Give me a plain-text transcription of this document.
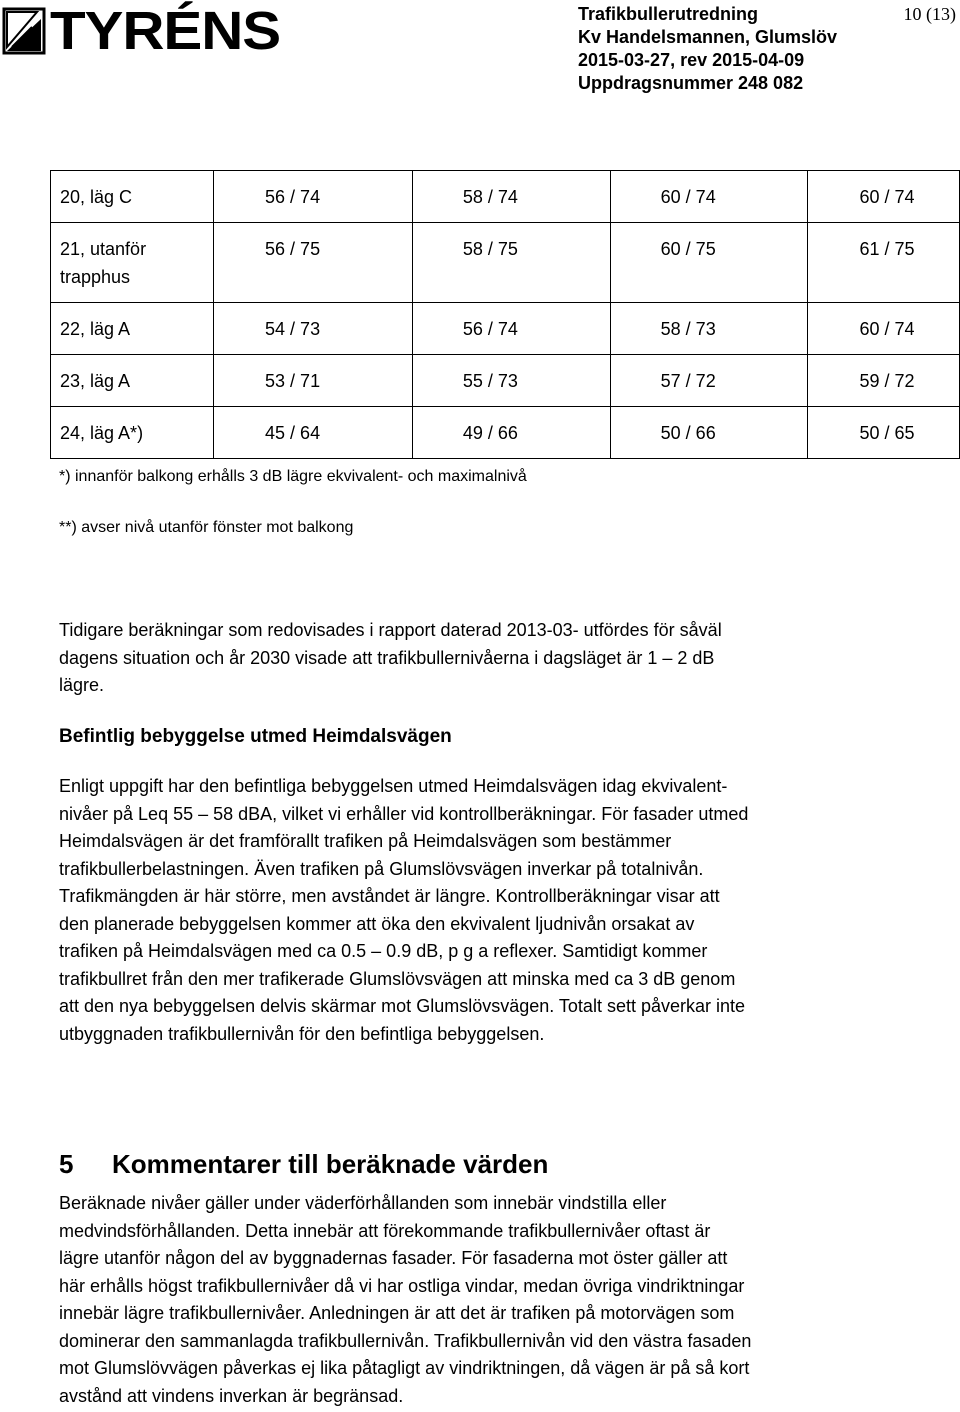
TYRÉNS	Trafikbullerutredning
Kv Handelsmannen, Glumslöv
2015-03-27, rev 2015-04-09
Uppdragsnummer 248 082
10 (13)
20, läg C	56 / 74	58 / 74	60 / 74	60 / 74

21, utanför trapphus	56 / 75	58 / 75	60 / 75	61 / 75
22, läg A	54 / 73	56 / 74	58 / 73	60 / 74
23, läg A	53 / 71	55 / 73	57 / 72	59 / 72
24, läg A*)	45 / 64	49 / 66	50 / 66	50 / 65
*) innanför balkong erhålls 3 dB lägre ekvivalent- och maximalnivå
**) avser nivå utanför fönster mot balkong
Tidigare beräkningar som redovisades i rapport daterad 2013-03- utfördes för såväl
dagens situation och år 2030 visade att trafikbullernivåerna i dagsläget är 1 – 2 dB
lägre.
Befintlig bebyggelse utmed Heimdalsvägen
Enligt uppgift har den befintliga bebyggelsen utmed Heimdalsvägen idag ekvivalent-
nivåer på Leq 55 – 58 dBA, vilket vi erhåller vid kontrollberäkningar. För fasader utmed
Heimdalsvägen är det framförallt trafiken på Heimdalsvägen som bestämmer
trafikbullerbelastningen. Även trafiken på Glumslövsvägen inverkar på totalnivån.
Trafikmängden är här större, men avståndet är längre. Kontrollberäkningar visar att
den planerade bebyggelsen kommer att öka den ekvivalent ljudnivån orsakat av
trafiken på Heimdalsvägen med ca 0.5 – 0.9 dB, p g a reflexer. Samtidigt kommer
trafikbullret från den mer trafikerade Glumslövsvägen att minska med ca 3 dB genom
att den nya bebyggelsen delvis skärmar mot Glumslövsvägen. Totalt sett påverkar inte
utbyggnaden trafikbullernivån för den befintliga bebyggelsen.
5 Kommentarer till beräknade värden
Beräknade nivåer gäller under väderförhållanden som innebär vindstilla eller
medvindsförhållanden. Detta innebär att förekommande trafikbullernivåer oftast är
lägre utanför någon del av byggnadernas fasader. För fasaderna mot öster gäller att
här erhålls högst trafikbullernivåer då vi har ostliga vindar, medan övriga vindriktningar
innebär lägre trafikbullernivåer. Anledningen är att det är trafiken på motorvägen som
dominerar den sammanlagda trafikbullernivån. Trafikbullernivån vid den västra fasaden
mot Glumslövvägen påverkas ej lika påtagligt av vindriktningen, då vägen är på så kort
avstånd att vindens inverkan är begränsad.
